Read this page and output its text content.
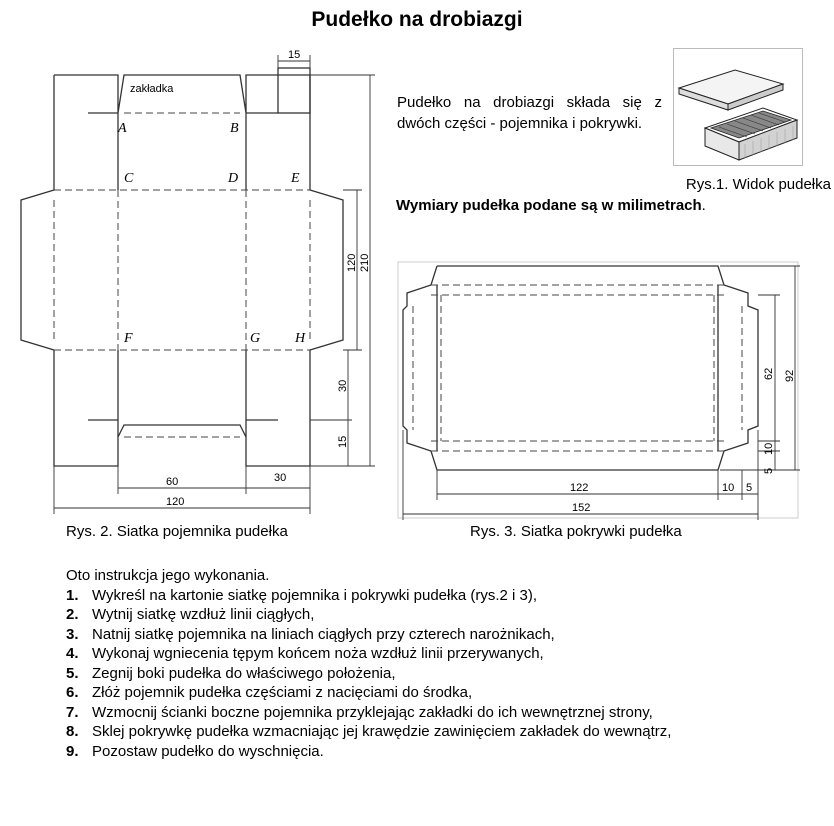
Pudełko na drobiazgi
Pudełko na drobiazgi składa się z dwóch części - pojemnika i pokrywki.
Rys.1. Widok pudełka
Wymiary pudełka podane są w milimetrach.
zakładka
A	B
C	D	E
F	G H
15
120 210
30
15
60	30
120
62 92
10
5
122	10 5
152
Rys. 2. Siatka pojemnika pudełka	Rys. 3. Siatka pokrywki pudełka
Oto instrukcja jego wykonania.
1. Wykreśl na kartonie siatkę pojemnika i pokrywki pudełka (rys.2 i 3),
2. Wytnij siatkę wzdłuż linii ciągłych,
3. Natnij siatkę pojemnika na liniach ciągłych przy czterech narożnikach,
4. Wykonaj wgniecenia tępym końcem noża wzdłuż linii przerywanych,
5. Zegnij boki pudełka do właściwego położenia,
6. Złóż pojemnik pudełka częściami z nacięciami do środka,
7. Wzmocnij ścianki boczne pojemnika przyklejając zakładki do ich wewnętrznej strony,
8. Sklej pokrywkę pudełka wzmacniając jej krawędzie zawinięciem zakładek do wewnątrz,
9. Pozostaw pudełko do wyschnięcia.
